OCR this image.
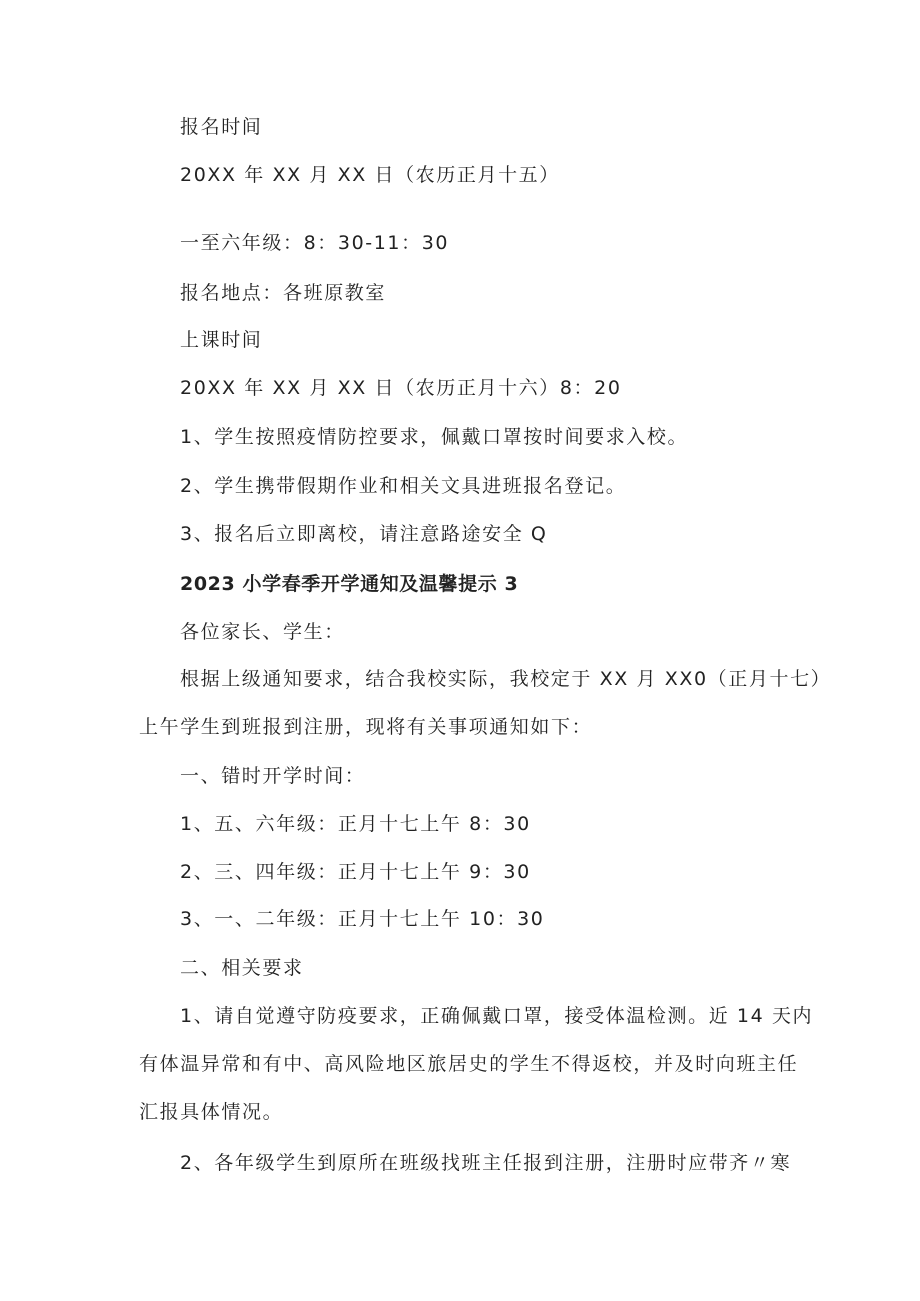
报名时间
20XX 年 XX 月 XX 日（农历正月十五）
一至六年级：8：30-11：30
报名地点：各班原教室
上课时间
20XX 年 XX 月 XX 日（农历正月十六）8：20
1、学生按照疫情防控要求，佩戴口罩按时间要求入校。
2、学生携带假期作业和相关文具进班报名登记。
3、报名后立即离校，请注意路途安全 Q
2023 小学春季开学通知及温馨提示 3
各位家长、学生：
根据上级通知要求，结合我校实际，我校定于 XX 月 XX0（正月十七）
上午学生到班报到注册，现将有关事项通知如下：
一、错时开学时间：
1、五、六年级：正月十七上午 8：30
2、三、四年级：正月十七上午 9：30
3、一、二年级：正月十七上午 10：30
二、相关要求
1、请自觉遵守防疫要求，正确佩戴口罩，接受体温检测。近 14 天内
有体温异常和有中、高风险地区旅居史的学生不得返校，并及时向班主任
汇报具体情况。
2、各年级学生到原所在班级找班主任报到注册，注册时应带齐〃寒
